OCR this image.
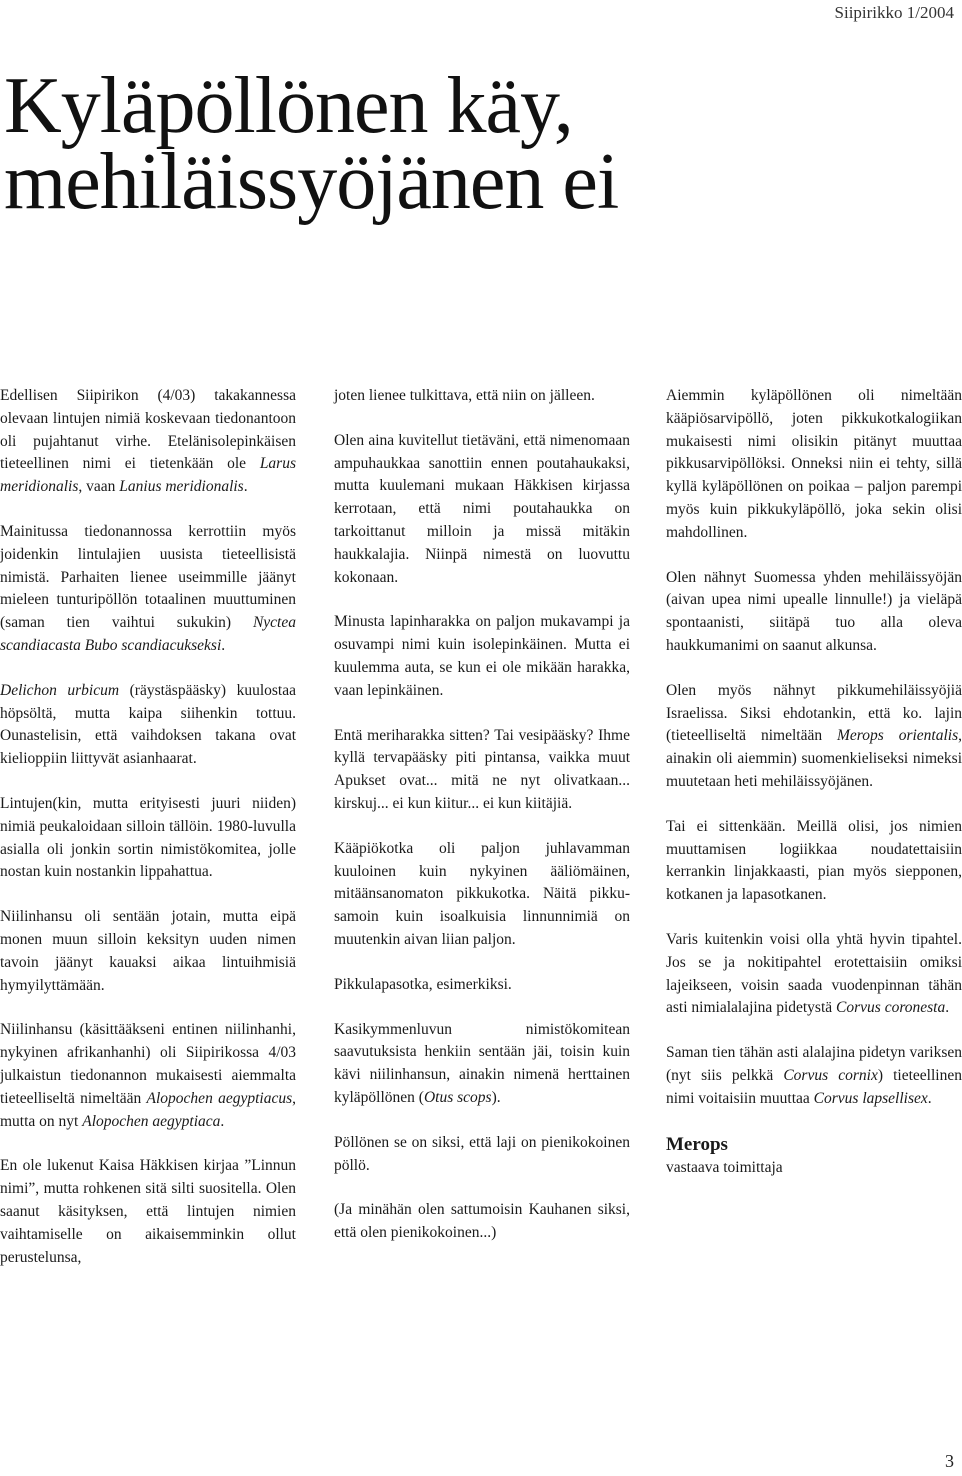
Siipirikko 1/2004
Kyläpöllönen käy,
mehiläissyöjänen ei

Edellisen Siipirikon (4/03) takakannessa olevaan lintujen nimiä koskevaan tiedonantoon oli pujahtanut virhe. Etelänisolepinkäisen tieteellinen nimi ei tietenkään ole Larus meridionalis, vaan Lanius meridionalis.

Mainitussa tiedonannossa kerrottiin myös joidenkin lintulajien uusista tieteellisistä nimistä. Parhaiten lienee useimmille jäänyt mieleen tunturipöllön totaalinen muuttuminen (saman tien vaihtui sukukin) Nyctea scandiacasta Bubo scandiacukseksi.

Delichon urbicum (räystäspääsky) kuulostaa höpsöltä, mutta kaipa siihenkin tottuu. Ounastelisin, että vaihdoksen takana ovat kielioppiin liittyvät asianhaarat.

Lintujen(kin, mutta erityisesti juuri niiden) nimiä peukaloidaan silloin tällöin. 1980-luvulla asialla oli jonkin sortin nimistökomitea, jolle nostan kuin nostankin lippahattua.

Niilinhansu oli sentään jotain, mutta eipä monen muun silloin keksityn uuden nimen tavoin jäänyt kauaksi aikaa lintuihmisiä hymyilyttämään.

Niilinhansu (käsittääkseni entinen niilinhanhi, nykyinen afrikanhanhi) oli Siipirikossa 4/03 julkaistun tiedonannon mukaisesti aiemmalta tieteelliseltä nimeltään Alopochen aegyptiacus, mutta on nyt Alopochen aegyptiaca.

En ole lukenut Kaisa Häkkisen kirjaa ”Linnun nimi”, mutta rohkenen sitä silti suositella. Olen saanut käsityksen, että lintujen nimien vaihtamiselle on aikaisemminkin ollut perustelunsa,

joten lienee tulkittava, että niin on jälleen.

Olen aina kuvitellut tietäväni, että nimenomaan ampuhaukkaa sanottiin ennen poutahaukaksi, mutta kuulemani mukaan Häkkisen kirjassa kerrotaan, että nimi poutahaukka on tarkoittanut milloin ja missä mitäkin haukkalajia. Niinpä nimestä on luovuttu kokonaan.

Minusta lapinharakka on paljon mukavampi ja osuvampi nimi kuin isolepinkäinen. Mutta ei kuulemma auta, se kun ei ole mikään harakka, vaan lepinkäinen.

Entä meriharakka sitten? Tai vesipääsky? Ihme kyllä tervapääsky piti pintansa, vaikka muut Apukset ovat... mitä ne nyt olivatkaan... kirskuj... ei kun kiitur... ei kun kiitäjiä.

Kääpiökotka oli paljon juhlavamman kuuloinen kuin nykyinen ääliömäinen, mitäänsanomaton pikkukotka. Näitä pikku- samoin kuin isoalkuisia linnunnimiä on muutenkin aivan liian paljon.

Pikkulapasotka, esimerkiksi.

Kasikymmenluvun nimistökomitean saavutuksista henkiin sentään jäi, toisin kuin kävi niilinhansun, ainakin nimenä herttainen kyläpöllönen (Otus scops).

Pöllönen se on siksi, että laji on pienikokoinen pöllö.

(Ja minähän olen sattumoisin Kauhanen siksi, että olen pienikokoinen...)

Aiemmin kyläpöllönen oli nimeltään kääpiösarvipöllö, joten pikkukotkalogiikan mukaisesti nimi olisikin pitänyt muuttaa pikkusarvipöllöksi. Onneksi niin ei tehty, sillä kyllä kyläpöllönen on poikaa – paljon parempi myös kuin pikkukyläpöllö, joka sekin olisi mahdollinen.

Olen nähnyt Suomessa yhden mehiläissyöjän (aivan upea nimi upealle linnulle!) ja vieläpä spontaanisti, siitäpä tuo alla oleva haukkumanimi on saanut alkunsa.

Olen myös nähnyt pikkumehiläissyöjiä Israelissa. Siksi ehdotankin, että ko. lajin (tieteelliseltä nimeltään Merops orientalis, ainakin oli aiemmin) suomenkieliseksi nimeksi muutetaan heti mehiläissyöjänen.

Tai ei sittenkään. Meillä olisi, jos nimien muuttamisen logiikkaa noudatettaisiin kerrankin linjakkaasti, pian myös siepponen, kotkanen ja lapasotkanen.

Varis kuitenkin voisi olla yhtä hyvin tipahtel. Jos se ja nokitipahtel erotettaisiin omiksi lajeikseen, voisin saada vuodenpinnan tähän asti nimialalajina pidetystä Corvus coronesta.

Saman tien tähän asti alalajina pidetyn variksen (nyt siis pelkkä Corvus cornix) tieteellinen nimi voitaisiin muuttaa Corvus lapsellisex.

Merops
vastaava toimittaja
3
